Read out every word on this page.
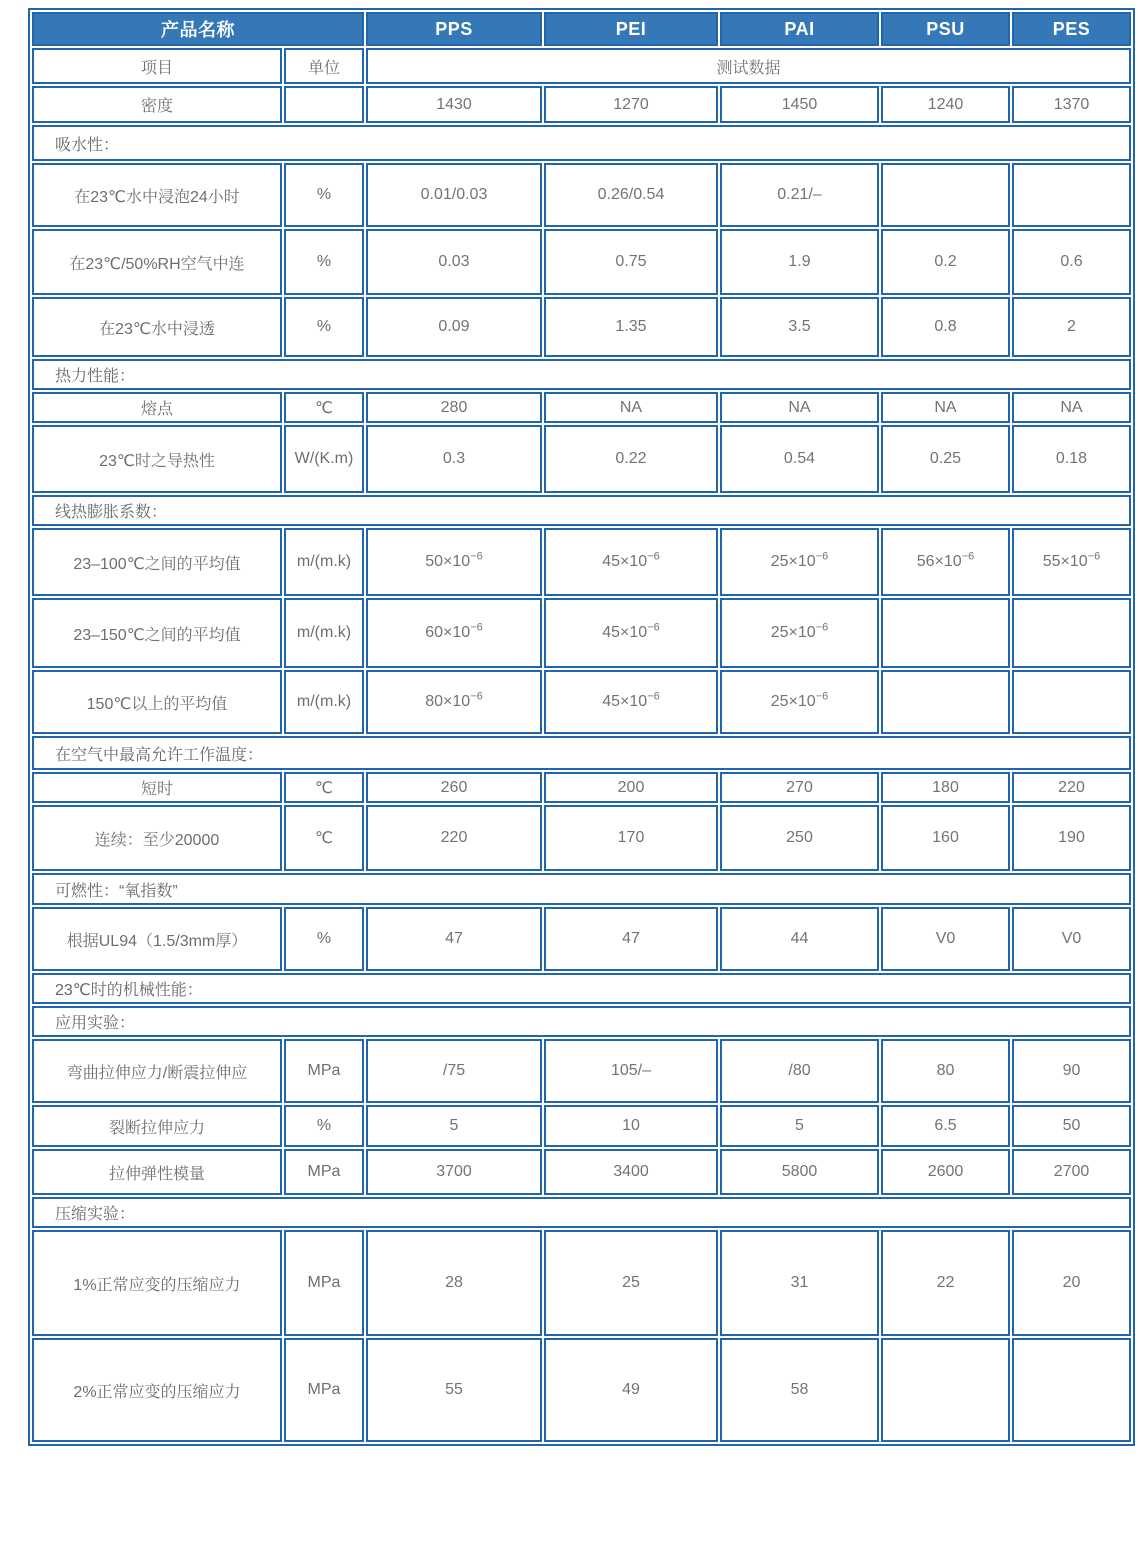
产品名称		PPS	PEI	PAI	PSU	PES
项目	单位	测试数据				
密度		1430	1270	1450	1240	1370
吸水性：						
在23℃水中浸泡24小时	%	0.01/0.03	0.26/0.54	0.21/–		
在23℃/50%RH空气中连	%	0.03	0.75	1.9	0.2	0.6
在23℃水中浸透	%	0.09	1.35	3.5	0.8	2
热力性能：						
熔点	℃	280	NA	NA	NA	NA
23℃时之导热性	W/(K.m)	0.3	0.22	0.54	0.25	0.18
线热膨胀系数：						
23–100℃之间的平均值	m/(m.k)	$50\times 10^{-6}$	$45\times 10^{-6}$	$25\times 10^{-6}$	$56\times 10^{-6}$	$55\times 10^{-6}$
23–150℃之间的平均值	m/(m.k)	$60\times 10^{-6}$	$45\times 10^{-6}$	$25\times 10^{-6}$		
150℃以上的平均值	m/(m.k)	$80\times 10^{-6}$	$45\times 10^{-6}$	$25\times 10^{-6}$		
在空气中最高允许工作温度：						
短时	℃	260	200	270	180	220
连续：至少20000	℃	220	170	250	160	190
可燃性：“氧指数”						
根据UL94（1.5/3mm厚）	%	47	47	44	V0	V0
23℃时的机械性能：						
应用实验：						
弯曲拉伸应力/断震拉伸应	MPa	/75	105/–	/80	80	90
裂断拉伸应力	%	5	10	5	6.5	50
拉伸弹性模量	MPa	3700	3400	5800	2600	2700
压缩实验：						
1%正常应变的压缩应力	MPa	28	25	31	22	20
2%正常应变的压缩应力	MPa	55	49	58		
